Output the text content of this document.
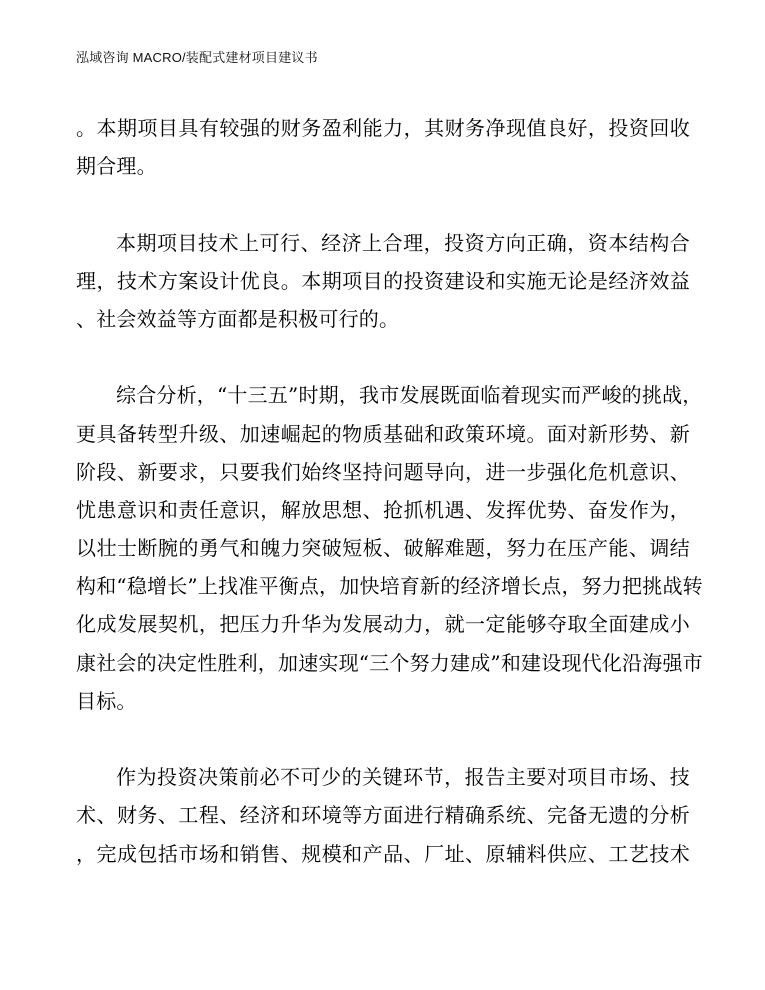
泓域咨询 MACRO/装配式建材项目建议书
。本期项目具有较强的财务盈利能力，其财务净现值良好，投资回收
期合理。
本期项目技术上可行、经济上合理，投资方向正确，资本结构合
理，技术方案设计优良。本期项目的投资建设和实施无论是经济效益
、社会效益等方面都是积极可行的。
综合分析，“十三五”时期，我市发展既面临着现实而严峻的挑战，
更具备转型升级、加速崛起的物质基础和政策环境。面对新形势、新
阶段、新要求，只要我们始终坚持问题导向，进一步强化危机意识、
忧患意识和责任意识，解放思想、抢抓机遇、发挥优势、奋发作为，
以壮士断腕的勇气和魄力突破短板、破解难题，努力在压产能、调结
构和“稳增长”上找准平衡点，加快培育新的经济增长点，努力把挑战转
化成发展契机，把压力升华为发展动力，就一定能够夺取全面建成小
康社会的决定性胜利，加速实现“三个努力建成”和建设现代化沿海强市
目标。
作为投资决策前必不可少的关键环节，报告主要对项目市场、技
术、财务、工程、经济和环境等方面进行精确系统、完备无遗的分析
，完成包括市场和销售、规模和产品、厂址、原辅料供应、工艺技术
